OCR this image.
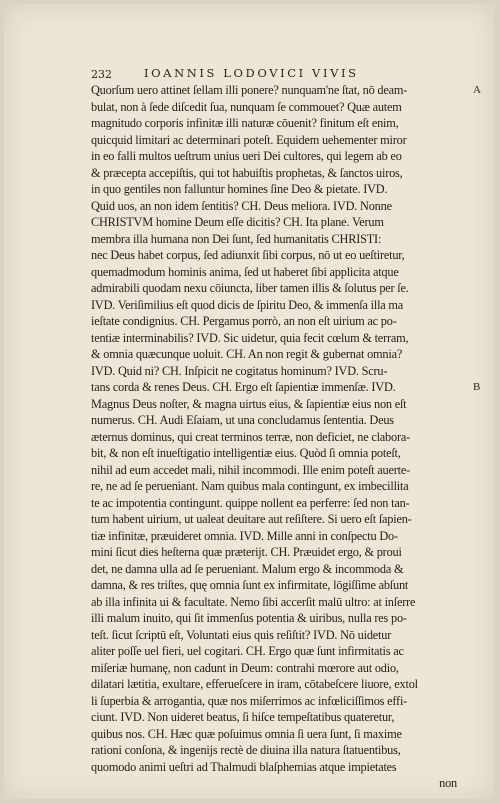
232	IOANNIS LODOVICI VIVIS
Quorſum uero attinet ſellam illi ponere? nunquam'ne ſtat, nō deam-
bulat, non à ſede diſcedit ſua, nunquam ſe commouet? Quæ autem
magnitudo corporis infinitæ illi naturæ cōuenit? finitum eſt enim,
quicquid limitari ac determinari poteſt. Equidem uehementer miror
in eo falli multos ueſtrum unius ueri Dei cultores, qui legem ab eo
& præcepta accepiſtis, qui tot habuiſtis prophetas, & ſanctos uiros,
in quo gentiles non falluntur homines ſine Deo & pietate. IVD.
Quid uos, an non idem ſentitis? CH. Deus meliora. IVD. Nonne
CHRISTVM homine Deum eſſe dicitis? CH. Ita plane. Verum
membra illa humana non Dei ſunt, ſed humanitatis CHRISTI:
nec Deus habet corpus, ſed adiunxit ſibi corpus, nō ut eo ueſtiretur,
quemadmodum hominis anima, ſed ut haberet ſibi applicita atque
admirabili quodam nexu cōiuncta, liber tamen illis & ſolutus per ſe.
IVD. Veriſimilius eſt quod dicis de ſpiritu Deo, & immenſa illa ma
ieſtate condignius. CH. Pergamus porrò, an non eſt uirium ac po-
tentiæ interminabilis? IVD. Sic uidetur, quia fecit cœlum & terram,
& omnia quæcunque uoluit. CH. An non regit & gubernat omnia?
IVD. Quid ni? CH. Inſpicit ne cogitatus hominum? IVD. Scru-
tans corda & renes Deus. CH. Ergo eſt ſapientiæ immenſæ. IVD.
Magnus Deus noſter, & magna uirtus eius, & ſapientiæ eius non eſt
numerus. CH. Audi Eſaiam, ut una concludamus ſententia. Deus
æternus dominus, qui creat terminos terræ, non deficiet, ne clabora-
bit, & non eſt inueſtigatio intelligentiæ eius. Quòd ſi omnia poteſt,
nihil ad eum accedet mali, nihil incommodi. Ille enim poteſt auerte-
re, ne ad ſe perueniant. Nam quibus mala contingunt, ex imbecillita
te ac impotentia contingunt. quippe nollent ea perferre: ſed non tan-
tum habent uirium, ut ualeat deuitare aut reſiſtere. Si uero eſt ſapien-
tiæ infinitæ, præuideret omnia. IVD. Mille anni in conſpectu Do-
mini ſicut dies heſterna quæ præterijt. CH. Præuidet ergo, & proui
det, ne damna ulla ad ſe perueniant. Malum ergo & incommoda &
damna, & res triſtes, quę omnia ſunt ex infirmitate, lōgiſſime abſunt
ab illa infinita ui & facultate. Nemo ſibi accerſit malū ultro: at inſerre
illi malum inuito, qui ſit immenſus potentia & uiribus, nulla res po-
teſt. ſicut ſcriptū eſt, Voluntati eius quis reſiſtit? IVD. Nō uidetur
aliter poſſe uel fieri, uel cogitari. CH. Ergo quæ ſunt infirmitatis ac
miſeriæ humanę, non cadunt in Deum: contrahi mœrore aut odio,
dilatari lætitia, exultare, efferueſcere in iram, cōtabeſcere liuore, extol
li ſuperbia & arrogantia, quæ nos miſerrimos ac infœliciſſimos effi-
ciunt. IVD. Non uideret beatus, ſi hiſce tempeſtatibus quateretur,
quibus nos. CH. Hæc quæ poſuimus omnia ſi uera ſunt, ſi maxime
rationi conſona, & ingenijs rectè de diuina illa natura ſtatuentibus,
quomodo animi ueſtri ad Thalmudi blaſphemias atque impietates
non
A
B
